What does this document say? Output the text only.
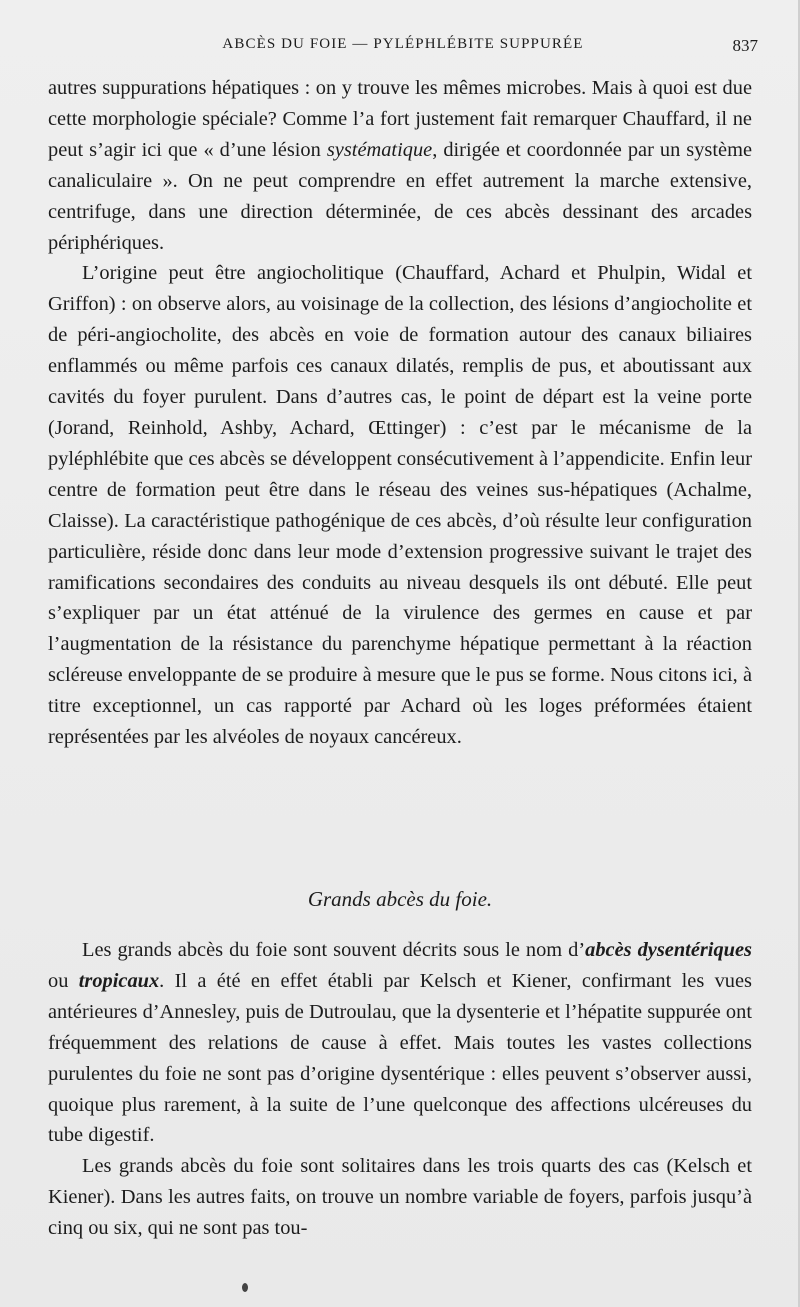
ABCÈS DU FOIE — PYLÉPHLÉBITE SUPPURÉE	837

autres suppurations hépatiques : on y trouve les mêmes microbes. Mais à quoi est due cette morphologie spéciale? Comme l’a fort justement fait remarquer Chauffard, il ne peut s’agir ici que « d’une lésion systématique, dirigée et coordonnée par un système canaliculaire ». On ne peut comprendre en effet autrement la marche extensive, centrifuge, dans une direction déterminée, de ces abcès dessinant des arcades périphériques.

L’origine peut être angiocholitique (Chauffard, Achard et Phulpin, Widal et Griffon) : on observe alors, au voisinage de la collection, des lésions d’angiocholite et de péri-angiocholite, des abcès en voie de formation autour des canaux biliaires enflammés ou même parfois ces canaux dilatés, remplis de pus, et aboutissant aux cavités du foyer purulent. Dans d’autres cas, le point de départ est la veine porte (Jorand, Reinhold, Ashby, Achard, Œttinger) : c’est par le mécanisme de la pyléphlébite que ces abcès se développent consécutivement à l’appendicite. Enfin leur centre de formation peut être dans le réseau des veines sus-hépatiques (Achalme, Claisse). La caractéristique pathogénique de ces abcès, d’où résulte leur configuration particulière, réside donc dans leur mode d’extension progressive suivant le trajet des ramifications secondaires des conduits au niveau desquels ils ont débuté. Elle peut s’expliquer par un état atténué de la virulence des germes en cause et par l’augmentation de la résistance du parenchyme hépatique permettant à la réaction scléreuse enveloppante de se produire à mesure que le pus se forme. Nous citons ici, à titre exceptionnel, un cas rapporté par Achard où les loges préformées étaient représentées par les alvéoles de noyaux cancéreux.

Grands abcès du foie.

Les grands abcès du foie sont souvent décrits sous le nom d’abcès dysentériques ou tropicaux. Il a été en effet établi par Kelsch et Kiener, confirmant les vues antérieures d’Annesley, puis de Dutroulau, que la dysenterie et l’hépatite suppurée ont fréquemment des relations de cause à effet. Mais toutes les vastes collections purulentes du foie ne sont pas d’origine dysentérique : elles peuvent s’observer aussi, quoique plus rarement, à la suite de l’une quelconque des affections ulcéreuses du tube digestif.

Les grands abcès du foie sont solitaires dans les trois quarts des cas (Kelsch et Kiener). Dans les autres faits, on trouve un nombre variable de foyers, parfois jusqu’à cinq ou six, qui ne sont pas tou-
